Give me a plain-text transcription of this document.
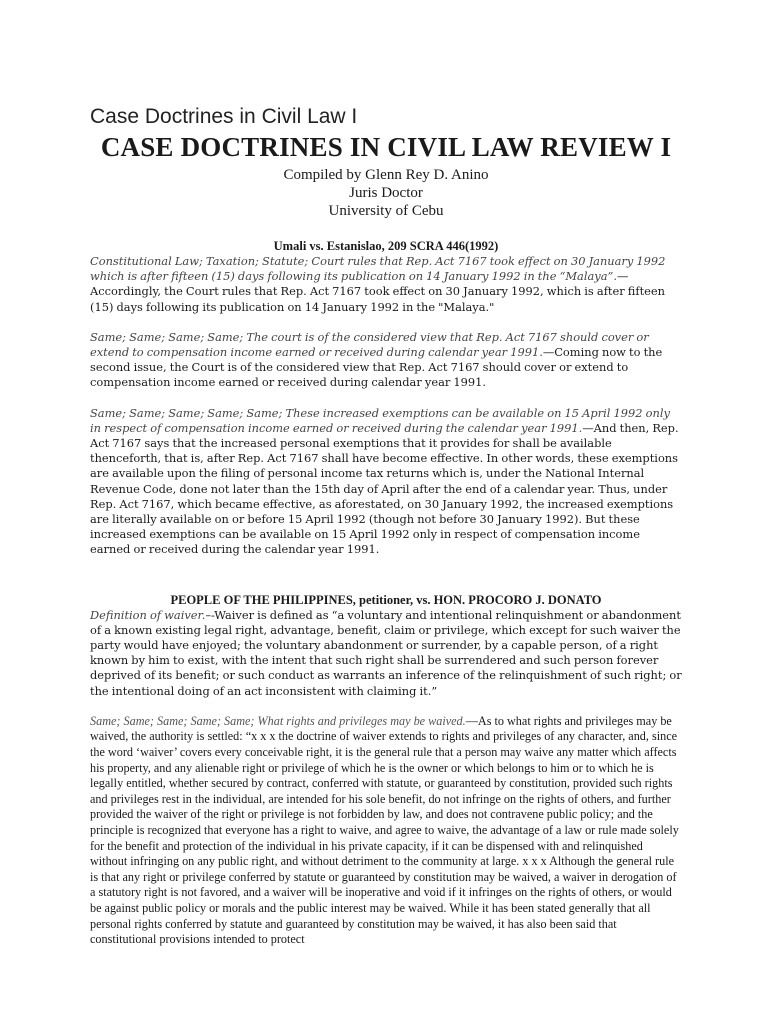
Case Doctrines in Civil Law I
CASE DOCTRINES IN CIVIL LAW REVIEW I
Compiled by Glenn Rey D. Anino
Juris Doctor
University of Cebu
Umali vs. Estanislao, 209 SCRA 446(1992)

Constitutional Law; Taxation; Statute; Court rules that Rep. Act 7167 took effect on 30 January 1992 which is after fifteen (15) days following its publication on 14 January 1992 in the “Malaya”.—Accordingly, the Court rules that Rep. Act 7167 took effect on 30 January 1992, which is after fifteen (15) days following its publication on 14 January 1992 in the "Malaya."

Same; Same; Same; Same; The court is of the considered view that Rep. Act 7167 should cover or extend to compensation income earned or received during calendar year 1991.—Coming now to the second issue, the Court is of the considered view that Rep. Act 7167 should cover or extend to compensation income earned or received during calendar year 1991.

Same; Same; Same; Same; Same; These increased exemptions can be available on 15 April 1992 only in respect of compensation income earned or received during the calendar year 1991.—And then, Rep. Act 7167 says that the increased personal exemptions that it provides for shall be available thenceforth, that is, after Rep. Act 7167 shall have become effective. In other words, these exemptions are available upon the filing of personal income tax returns which is, under the National Internal Revenue Code, done not later than the 15th day of April after the end of a calendar year. Thus, under Rep. Act 7167, which became effective, as aforestated, on 30 January 1992, the increased exemptions are literally available on or before 15 April 1992 (though not before 30 January 1992). But these increased exemptions can be available on 15 April 1992 only in respect of compensation income earned or received during the calendar year 1991.

PEOPLE OF THE PHILIPPINES, petitioner, vs. HON. PROCORO J. DONATO

Definition of waiver.–-Waiver is defined as “a voluntary and intentional relinquishment or abandonment of a known existing legal right, advantage, benefit, claim or privilege, which except for such waiver the party would have enjoyed; the voluntary abandonment or surrender, by a capable person, of a right known by him to exist, with the intent that such right shall be surrendered and such person forever deprived of its benefit; or such conduct as warrants an inference of the relinquishment of such right; or the intentional doing of an act inconsistent with claiming it.”

Same; Same; Same; Same; Same; What rights and privileges may be waived.—As to what rights and privileges may be waived, the authority is settled: “x x x the doctrine of waiver extends to rights and privileges of any character, and, since the word ‘waiver’ covers every conceivable right, it is the general rule that a person may waive any matter which affects his property, and any alienable right or privilege of which he is the owner or which belongs to him or to which he is legally entitled, whether secured by contract, conferred with statute, or guaranteed by constitution, provided such rights and privileges rest in the individual, are intended for his sole benefit, do not infringe on the rights of others, and further provided the waiver of the right or privilege is not forbidden by law, and does not contravene public policy; and the principle is recognized that everyone has a right to waive, and agree to waive, the advantage of a law or rule made solely for the benefit and protection of the individual in his private capacity, if it can be dispensed with and relinquished without infringing on any public right, and without detriment to the community at large. x x x Although the general rule is that any right or privilege conferred by statute or guaranteed by constitution may be waived, a waiver in derogation of a statutory right is not favored, and a waiver will be inoperative and void if it infringes on the rights of others, or would be against public policy or morals and the public interest may be waived. While it has been stated generally that all personal rights conferred by statute and guaranteed by constitution may be waived, it has also been said that constitutional provisions intended to protect
